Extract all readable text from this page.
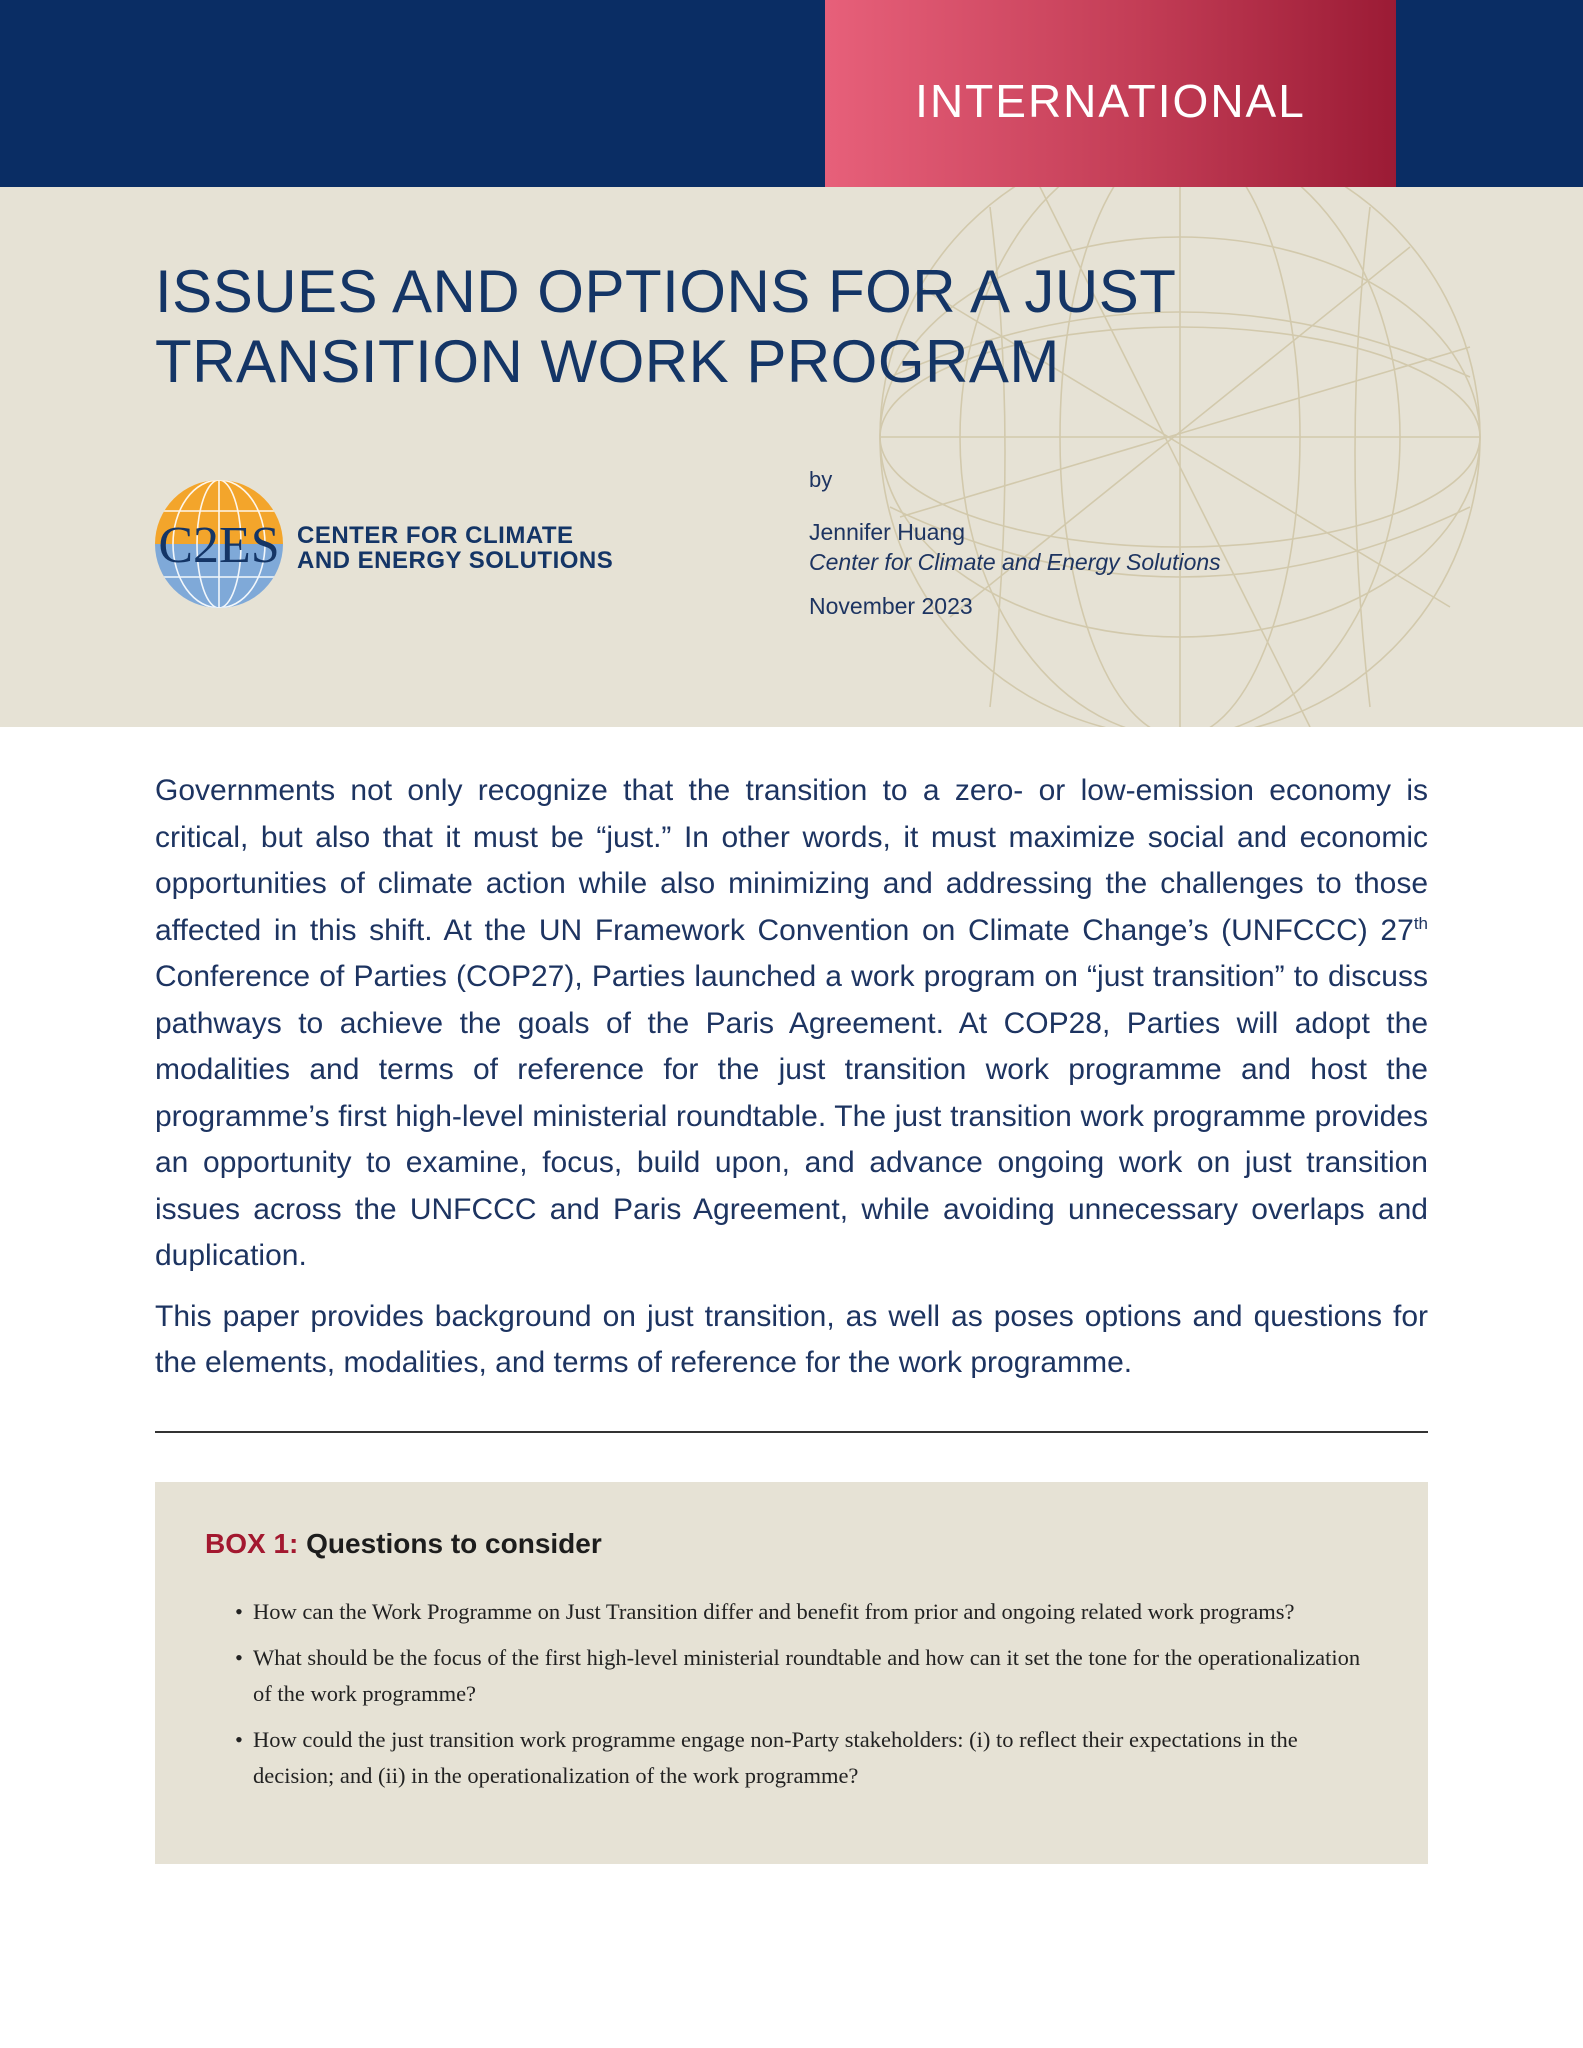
INTERNATIONAL
ISSUES AND OPTIONS FOR A JUST
TRANSITION WORK PROGRAM
C2ES CENTER FOR CLIMATE
AND ENERGY SOLUTIONS
by
Jennifer Huang
Center for Climate and Energy Solutions
November 2023

Governments not only recognize that the transition to a zero- or low-emission economy is critical, but also that it must be “just.” In other words, it must maximize social and economic opportunities of climate action while also minimizing and addressing the challenges to those affected in this shift. At the UN Framework Convention on Climate Change’s (UNFCCC) 27th Conference of Parties (COP27), Parties launched a work program on “just transition” to discuss pathways to achieve the goals of the Paris Agreement. At COP28, Parties will adopt the modalities and terms of reference for the just transition work programme and host the programme’s first high-level ministerial roundtable. The just transition work programme provides an opportunity to examine, focus, build upon, and advance ongoing work on just transition issues across the UNFCCC and Paris Agreement, while avoiding unnecessary overlaps and duplication.

This paper provides background on just transition, as well as poses options and questions for the elements, modalities, and terms of reference for the work programme.

BOX 1: Questions to consider
• How can the Work Programme on Just Transition differ and benefit from prior and ongoing related work programs?
• What should be the focus of the first high-level ministerial roundtable and how can it set the tone for the operationalization of the work programme?
• How could the just transition work programme engage non-Party stakeholders: (i) to reflect their expectations in the decision; and (ii) in the operationalization of the work programme?
